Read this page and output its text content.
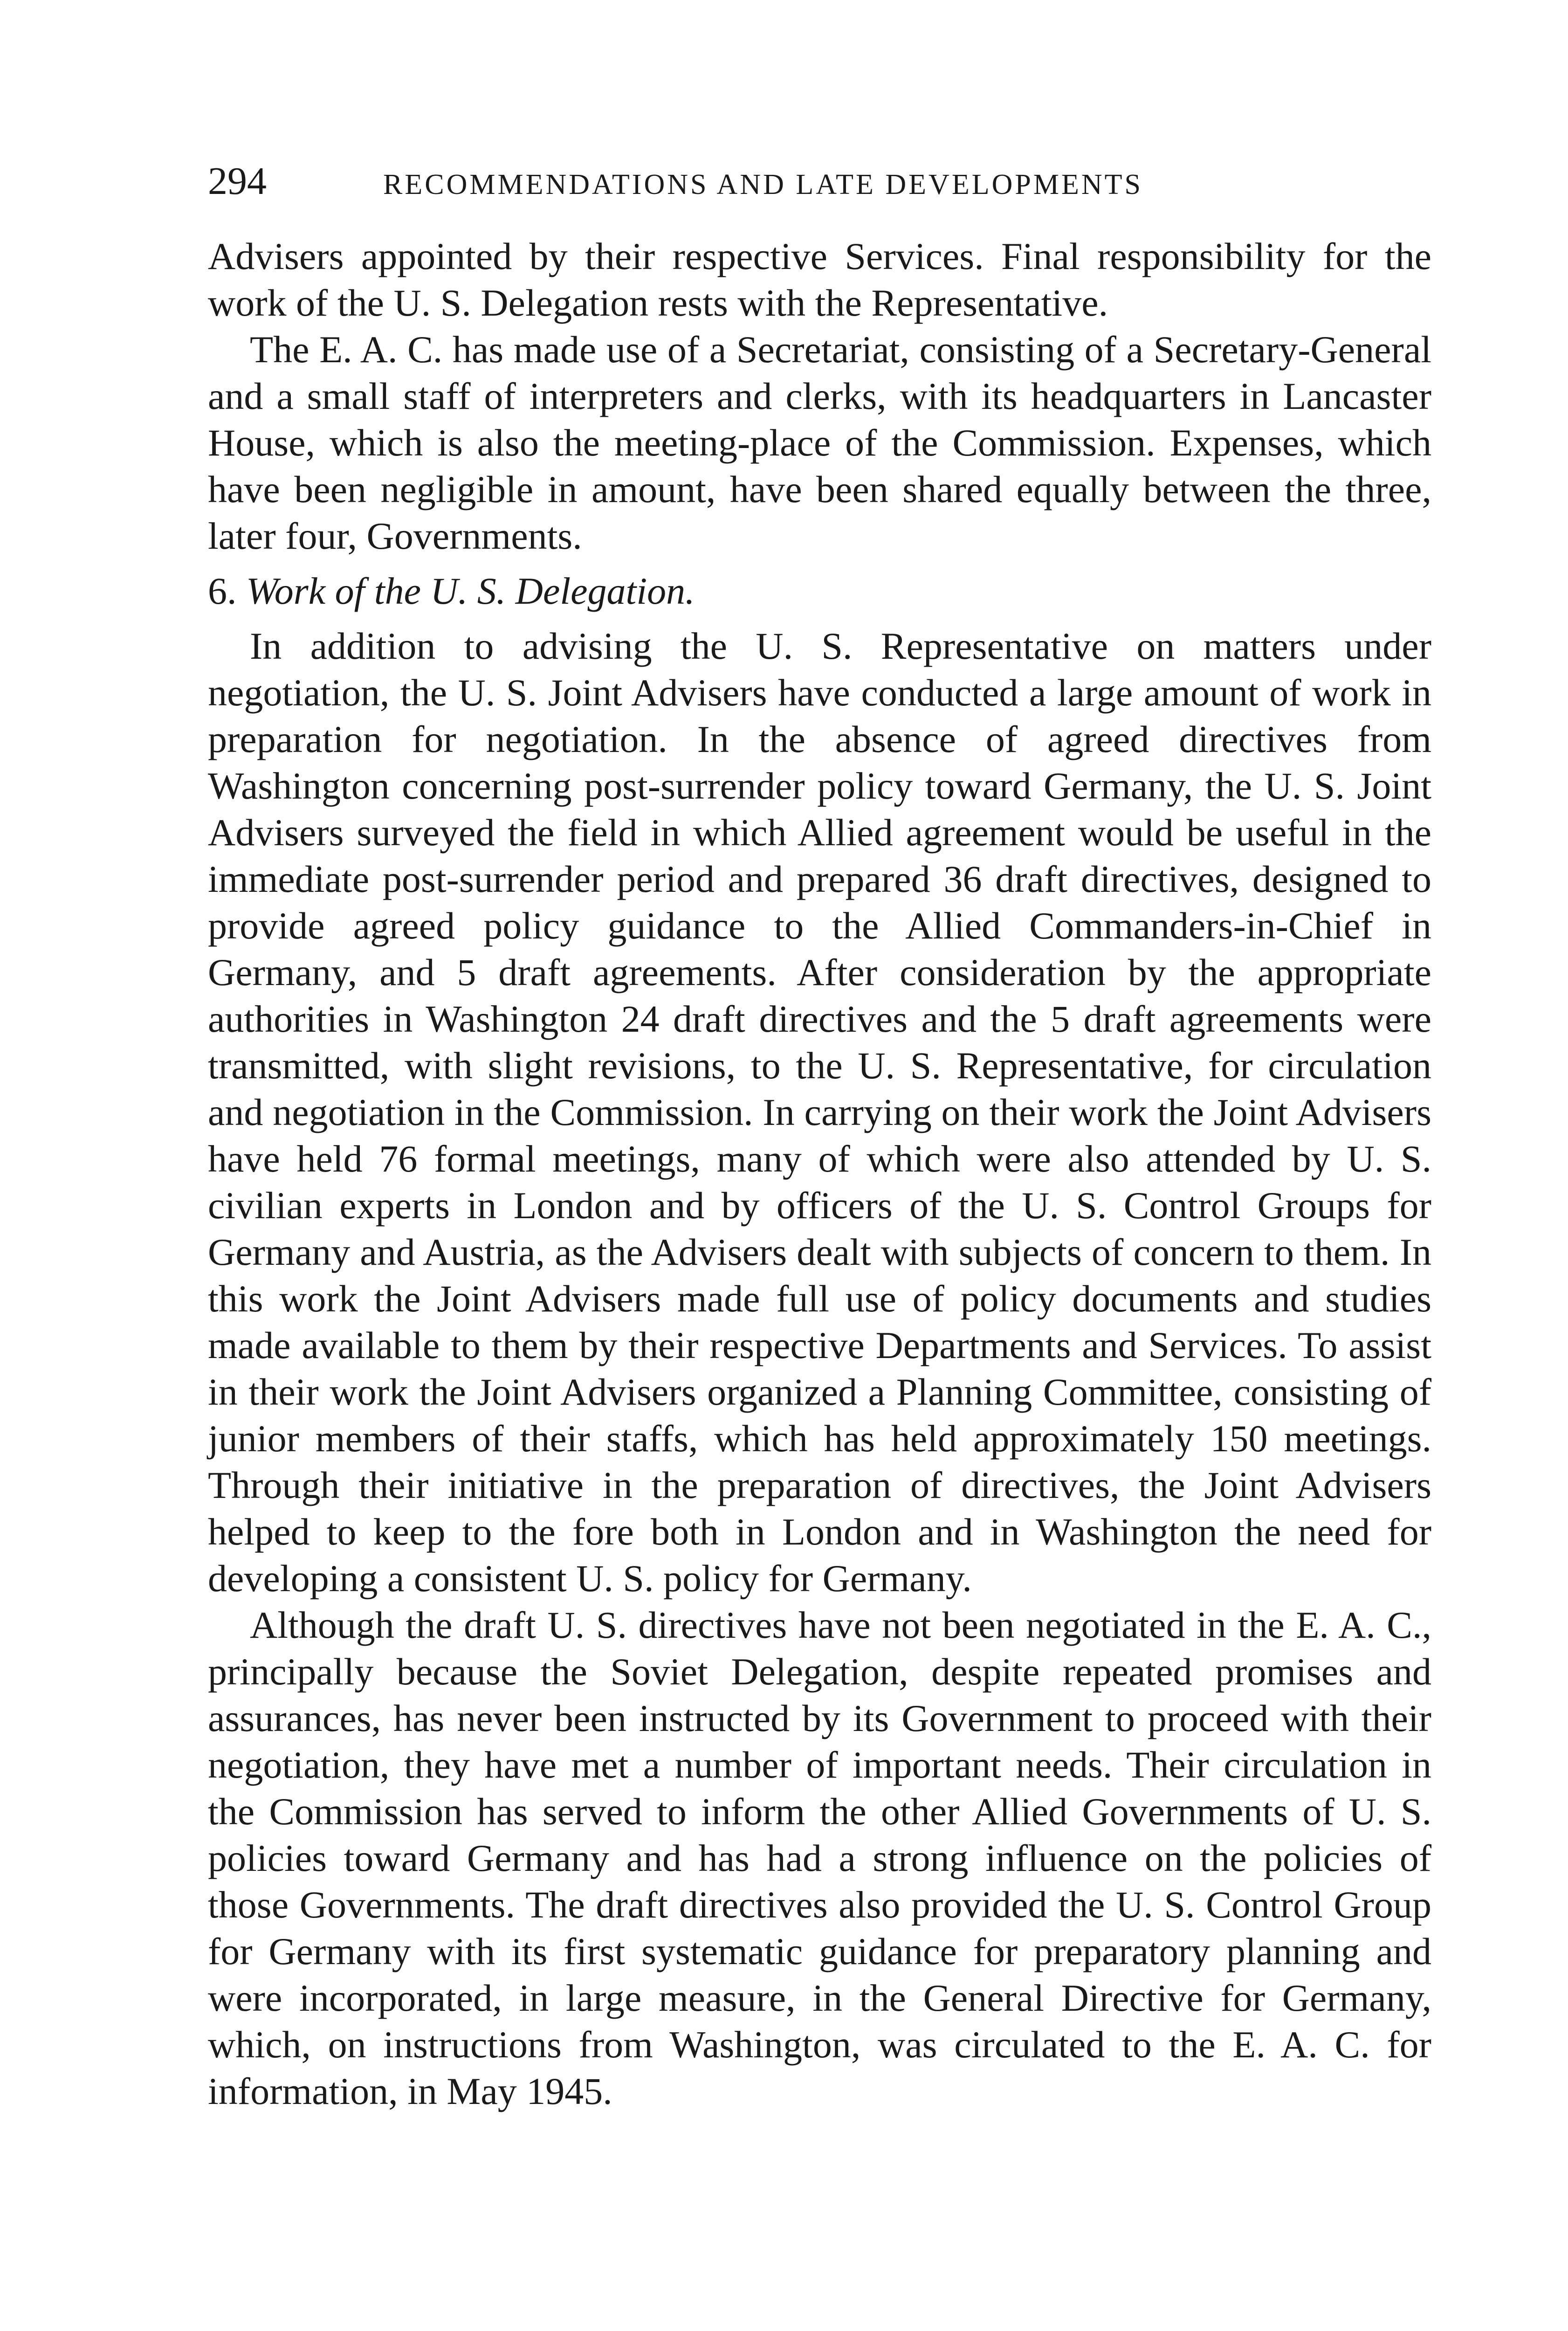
294	RECOMMENDATIONS AND LATE DEVELOPMENTS

Advisers appointed by their respective Services. Final responsibility for the work of the U. S. Delegation rests with the Representative.

The E. A. C. has made use of a Secretariat, consisting of a Secretary-General and a small staff of interpreters and clerks, with its headquarters in Lancaster House, which is also the meeting-place of the Commission. Expenses, which have been negligible in amount, have been shared equally between the three, later four, Governments.

6. Work of the U. S. Delegation.

In addition to advising the U. S. Representative on matters under negotiation, the U. S. Joint Advisers have conducted a large amount of work in preparation for negotiation. In the absence of agreed directives from Washington concerning post-surrender policy toward Germany, the U. S. Joint Advisers surveyed the field in which Allied agreement would be useful in the immediate post-surrender period and prepared 36 draft directives, designed to provide agreed policy guidance to the Allied Commanders-in-Chief in Germany, and 5 draft agreements. After consideration by the appropriate authorities in Washington 24 draft directives and the 5 draft agreements were transmitted, with slight revisions, to the U. S. Representative, for circulation and negotiation in the Commission. In carrying on their work the Joint Advisers have held 76 formal meetings, many of which were also attended by U. S. civilian experts in London and by officers of the U. S. Control Groups for Germany and Austria, as the Advisers dealt with subjects of concern to them. In this work the Joint Advisers made full use of policy documents and studies made available to them by their respective Departments and Services. To assist in their work the Joint Advisers organized a Planning Committee, consisting of junior members of their staffs, which has held approximately 150 meetings. Through their initiative in the preparation of directives, the Joint Advisers helped to keep to the fore both in London and in Washington the need for developing a consistent U. S. policy for Germany.

Although the draft U. S. directives have not been negotiated in the E. A. C., principally because the Soviet Delegation, despite repeated promises and assurances, has never been instructed by its Government to proceed with their negotiation, they have met a number of important needs. Their circulation in the Commission has served to inform the other Allied Governments of U. S. policies toward Germany and has had a strong influence on the policies of those Governments. The draft directives also provided the U. S. Control Group for Germany with its first systematic guidance for preparatory planning and were incorporated, in large measure, in the General Directive for Germany, which, on instructions from Washington, was circulated to the E. A. C. for information, in May 1945.
